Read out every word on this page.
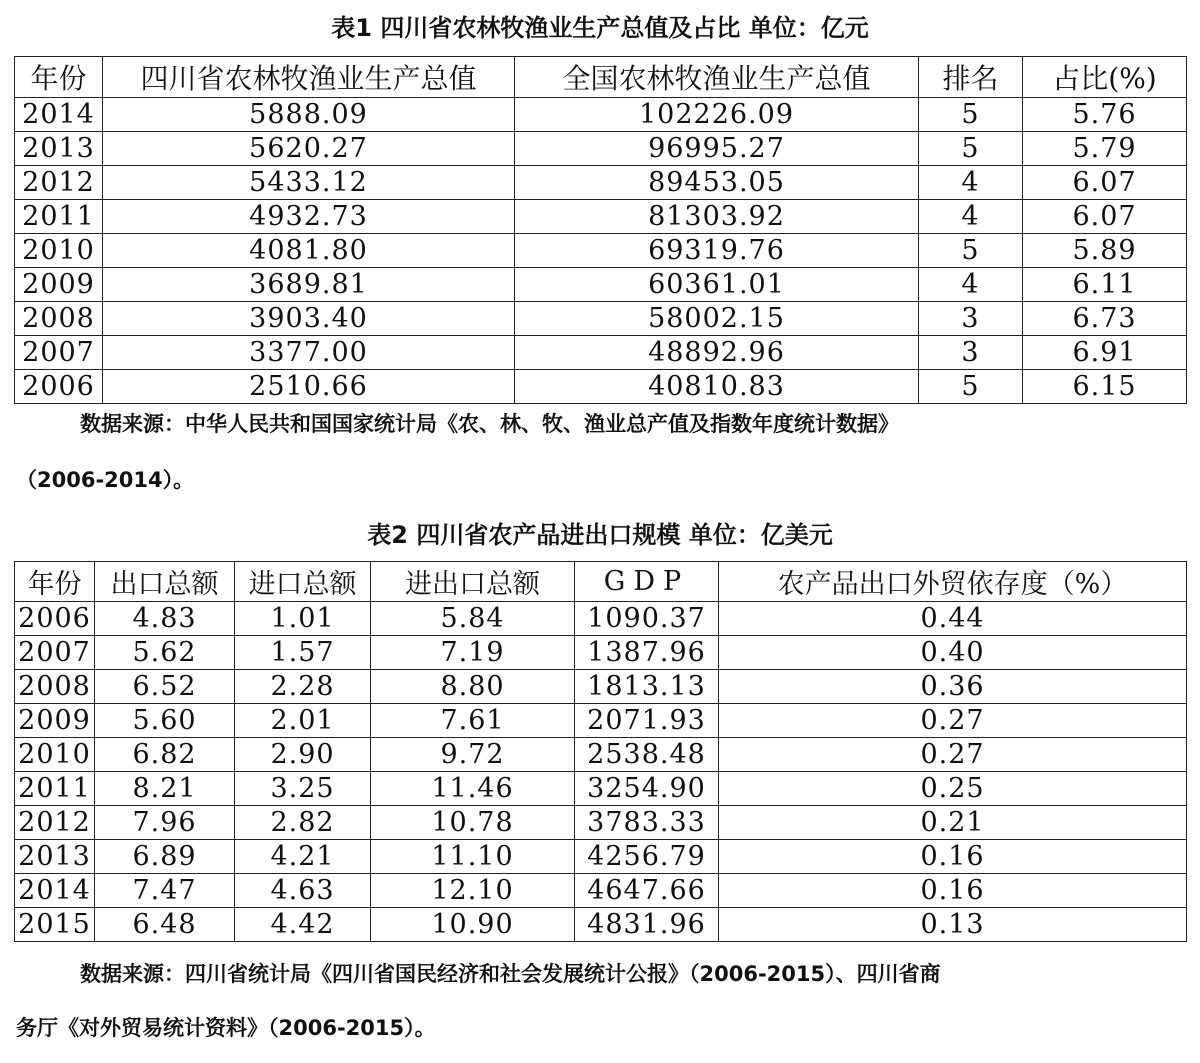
表1 四川省农林牧渔业生产总值及占比 单位：亿元
年份	四川省农林牧渔业生产总值	全国农林牧渔业生产总值	排名	占比(%)
2014	5888.09	102226.09	5	5.76
2013	5620.27	96995.27	5	5.79
2012	5433.12	89453.05	4	6.07
2011	4932.73	81303.92	4	6.07
2010	4081.80	69319.76	5	5.89
2009	3689.81	60361.01	4	6.11
2008	3903.40	58002.15	3	6.73
2007	3377.00	48892.96	3	6.91
2006	2510.66	40810.83	5	6.15
数据来源：中华人民共和国国家统计局《农、林、牧、渔业总产值及指数年度统计数据》
（2006-2014）。
表2 四川省农产品进出口规模 单位：亿美元
年份	出口总额	进口总额	进出口总额	GDP	农产品出口外贸依存度（%）
2006	4.83	1.01	5.84	1090.37	0.44
2007	5.62	1.57	7.19	1387.96	0.40
2008	6.52	2.28	8.80	1813.13	0.36
2009	5.60	2.01	7.61	2071.93	0.27
2010	6.82	2.90	9.72	2538.48	0.27
2011	8.21	3.25	11.46	3254.90	0.25
2012	7.96	2.82	10.78	3783.33	0.21
2013	6.89	4.21	11.10	4256.79	0.16
2014	7.47	4.63	12.10	4647.66	0.16
2015	6.48	4.42	10.90	4831.96	0.13
数据来源：四川省统计局《四川省国民经济和社会发展统计公报》（2006-2015）、四川省商
务厅《对外贸易统计资料》（2006-2015）。
